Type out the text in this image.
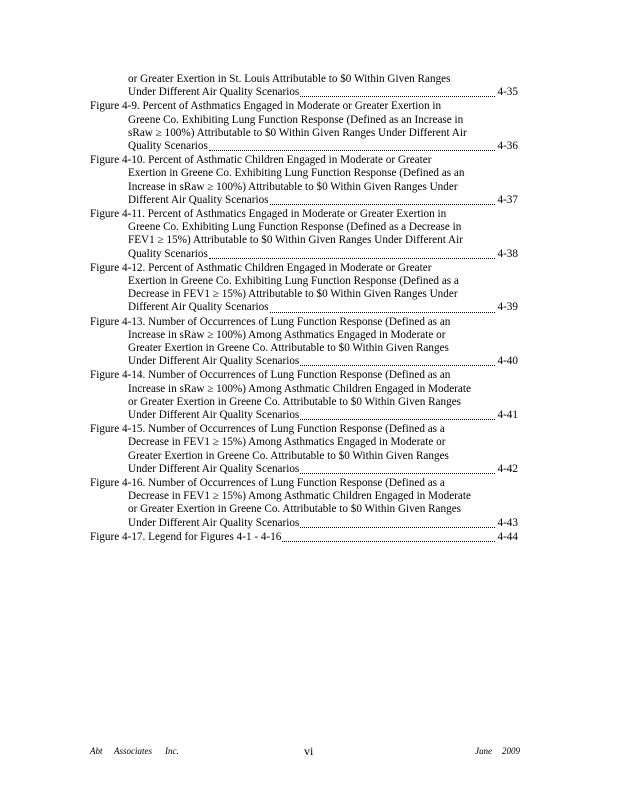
or Greater Exertion in St. Louis Attributable to $0 Within Given Ranges
Under Different Air Quality Scenarios	4-35
Figure 4-9. Percent of Asthmatics Engaged in Moderate or Greater Exertion in
Greene Co. Exhibiting Lung Function Response (Defined as an Increase in
sRaw ≥ 100%) Attributable to $0 Within Given Ranges Under Different Air
Quality Scenarios	4-36
Figure 4-10. Percent of Asthmatic Children Engaged in Moderate or Greater
Exertion in Greene Co. Exhibiting Lung Function Response (Defined as an
Increase in sRaw ≥ 100%) Attributable to $0 Within Given Ranges Under
Different Air Quality Scenarios	4-37
Figure 4-11. Percent of Asthmatics Engaged in Moderate or Greater Exertion in
Greene Co. Exhibiting Lung Function Response (Defined as a Decrease in
FEV1 ≥ 15%) Attributable to $0 Within Given Ranges Under Different Air
Quality Scenarios	4-38
Figure 4-12. Percent of Asthmatic Children Engaged in Moderate or Greater
Exertion in Greene Co. Exhibiting Lung Function Response (Defined as a
Decrease in FEV1 ≥ 15%) Attributable to $0 Within Given Ranges Under
Different Air Quality Scenarios	4-39
Figure 4-13. Number of Occurrences of Lung Function Response (Defined as an
Increase in sRaw ≥ 100%) Among Asthmatics Engaged in Moderate or
Greater Exertion in Greene Co. Attributable to $0 Within Given Ranges
Under Different Air Quality Scenarios	4-40
Figure 4-14. Number of Occurrences of Lung Function Response (Defined as an
Increase in sRaw ≥ 100%) Among Asthmatic Children Engaged in Moderate
or Greater Exertion in Greene Co. Attributable to $0 Within Given Ranges
Under Different Air Quality Scenarios	4-41
Figure 4-15. Number of Occurrences of Lung Function Response (Defined as a
Decrease in FEV1 ≥ 15%) Among Asthmatics Engaged in Moderate or
Greater Exertion in Greene Co. Attributable to $0 Within Given Ranges
Under Different Air Quality Scenarios	4-42
Figure 4-16. Number of Occurrences of Lung Function Response (Defined as a
Decrease in FEV1 ≥ 15%) Among Asthmatic Children Engaged in Moderate
or Greater Exertion in Greene Co. Attributable to $0 Within Given Ranges
Under Different Air Quality Scenarios	4-43
Figure 4-17. Legend for Figures 4-1 - 4-16	4-44
Abt Associates Inc.	vi	June 2009
